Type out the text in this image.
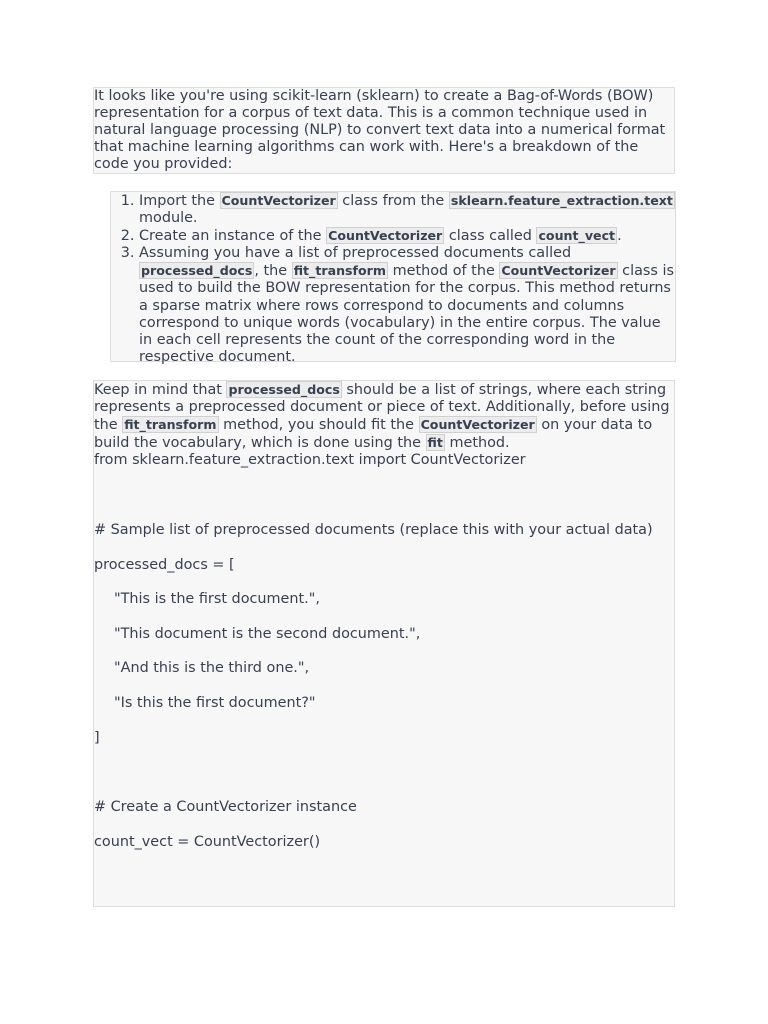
It looks like you're using scikit-learn (sklearn) to create a Bag-of-Words (BOW) representation for a corpus of text data. This is a common technique used in natural language processing (NLP) to convert text data into a numerical format that machine learning algorithms can work with. Here's a breakdown of the code you provided:
1. Import the CountVectorizer class from the sklearn.feature_extraction.text module.
2. Create an instance of the CountVectorizer class called count_vect .
3. Assuming you have a list of preprocessed documents called processed_docs , the fit_transform method of the CountVectorizer class is used to build the BOW representation for the corpus. This method returns a sparse matrix where rows correspond to documents and columns correspond to unique words (vocabulary) in the entire corpus. The value in each cell represents the count of the corresponding word in the respective document.
Keep in mind that processed_docs should be a list of strings, where each string represents a preprocessed document or piece of text. Additionally, before using the fit_transform method, you should fit the CountVectorizer on your data to build the vocabulary, which is done using the fit method.
from sklearn.feature_extraction.text import CountVectorizer
# Sample list of preprocessed documents (replace this with your actual data)
processed_docs = [
"This is the first document.",
"This document is the second document.",
"And this is the third one.",
"Is this the first document?"
]
# Create a CountVectorizer instance
count_vect = CountVectorizer()
